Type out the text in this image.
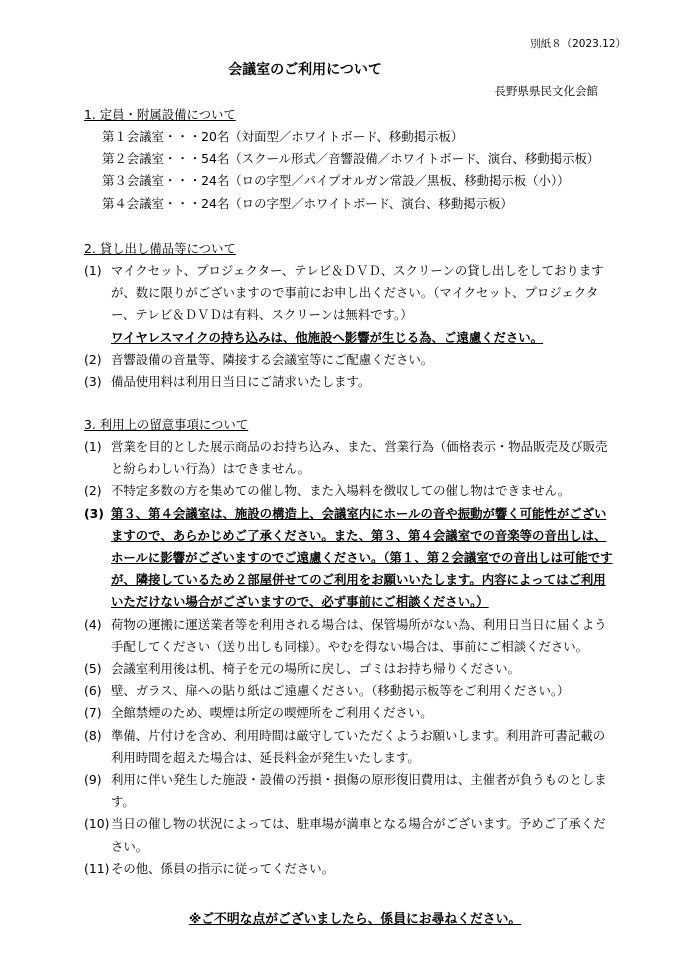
別紙８（2023.12）
会議室のご利用について
長野県県民文化会館
1. 定員・附属設備について
第１会議室・・・20名（対面型／ホワイトボード、移動掲示板）
第２会議室・・・54名（スクール形式／音響設備／ホワイトボード、演台、移動掲示板）
第３会議室・・・24名（ロの字型／パイプオルガン常設／黒板、移動掲示板（小））
第４会議室・・・24名（ロの字型／ホワイトボード、演台、移動掲示板）
2. 貸し出し備品等について
(1) マイクセット、プロジェクター、テレビ＆ＤＶＤ、スクリーンの貸し出しをしておりますが、数に限りがございますので事前にお申し出ください。（マイクセット、プロジェクター、テレビ＆ＤＶＤは有料、スクリーンは無料です。）
ワイヤレスマイクの持ち込みは、他施設へ影響が生じる為、ご遠慮ください。
(2) 音響設備の音量等、隣接する会議室等にご配慮ください。
(3) 備品使用料は利用日当日にご請求いたします。
3. 利用上の留意事項について
(1) 営業を目的とした展示商品のお持ち込み、また、営業行為（価格表示・物品販売及び販売と紛らわしい行為）はできません。
(2) 不特定多数の方を集めての催し物、また入場料を徴収しての催し物はできません。
(3) 第３、第４会議室は、施設の構造上、会議室内にホールの音や振動が響く可能性がございますので、あらかじめご了承ください。また、第３、第４会議室での音楽等の音出しは、ホールに影響がございますのでご遠慮ください。（第１、第２会議室での音出しは可能ですが、隣接しているため２部屋併せてのご利用をお願いいたします。内容によってはご利用いただけない場合がございますので、必ず事前にご相談ください。）
(4) 荷物の運搬に運送業者等を利用される場合は、保管場所がない為、利用日当日に届くよう手配してください（送り出しも同様）。やむを得ない場合は、事前にご相談ください。
(5) 会議室利用後は机、椅子を元の場所に戻し、ゴミはお持ち帰りください。
(6) 壁、ガラス、扉への貼り紙はご遠慮ください。（移動掲示板等をご利用ください。）
(7) 全館禁煙のため、喫煙は所定の喫煙所をご利用ください。
(8) 準備、片付けを含め、利用時間は厳守していただくようお願いします。利用許可書記載の利用時間を超えた場合は、延長料金が発生いたします。
(9) 利用に伴い発生した施設・設備の汚損・損傷の原形復旧費用は、主催者が負うものとします。
(10) 当日の催し物の状況によっては、駐車場が満車となる場合がございます。予めご了承ください。
(11) その他、係員の指示に従ってください。
※ご不明な点がございましたら、係員にお尋ねください。
